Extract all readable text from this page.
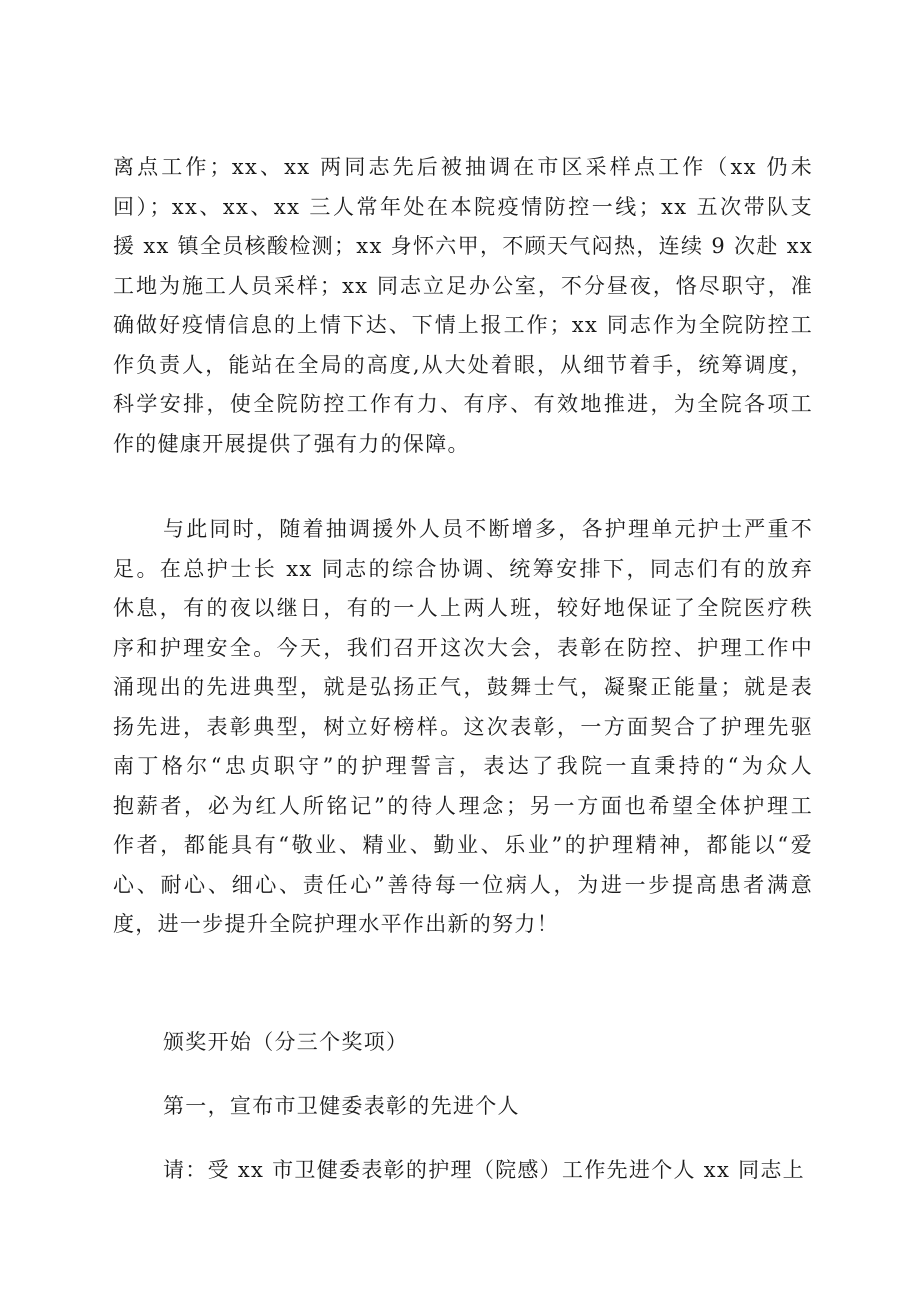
离点工作；xx、xx 两同志先后被抽调在市区采样点工作（xx 仍未
回）；xx、xx、xx 三人常年处在本院疫情防控一线；xx 五次带队支
援 xx 镇全员核酸检测；xx 身怀六甲，不顾天气闷热，连续 9 次赴 xx
工地为施工人员采样；xx 同志立足办公室，不分昼夜，恪尽职守，准
确做好疫情信息的上情下达、下情上报工作；xx 同志作为全院防控工
作负责人，能站在全局的高度,从大处着眼，从细节着手，统筹调度，
科学安排，使全院防控工作有力、有序、有效地推进，为全院各项工
作的健康开展提供了强有力的保障。

与此同时，随着抽调援外人员不断增多，各护理单元护士严重不
足。在总护士长 xx 同志的综合协调、统筹安排下，同志们有的放弃
休息，有的夜以继日，有的一人上两人班，较好地保证了全院医疗秩
序和护理安全。今天，我们召开这次大会，表彰在防控、护理工作中
涌现出的先进典型，就是弘扬正气，鼓舞士气，凝聚正能量；就是表
扬先进，表彰典型，树立好榜样。这次表彰，一方面契合了护理先驱
南丁格尔“忠贞职守”的护理誓言，表达了我院一直秉持的“为众人
抱薪者，必为红人所铭记”的待人理念；另一方面也希望全体护理工
作者，都能具有“敬业、精业、勤业、乐业”的护理精神，都能以“爱
心、耐心、细心、责任心”善待每一位病人，为进一步提高患者满意
度，进一步提升全院护理水平作出新的努力！

颁奖开始（分三个奖项）

第一，宣布市卫健委表彰的先进个人

请：受 xx 市卫健委表彰的护理（院感）工作先进个人 xx 同志上
